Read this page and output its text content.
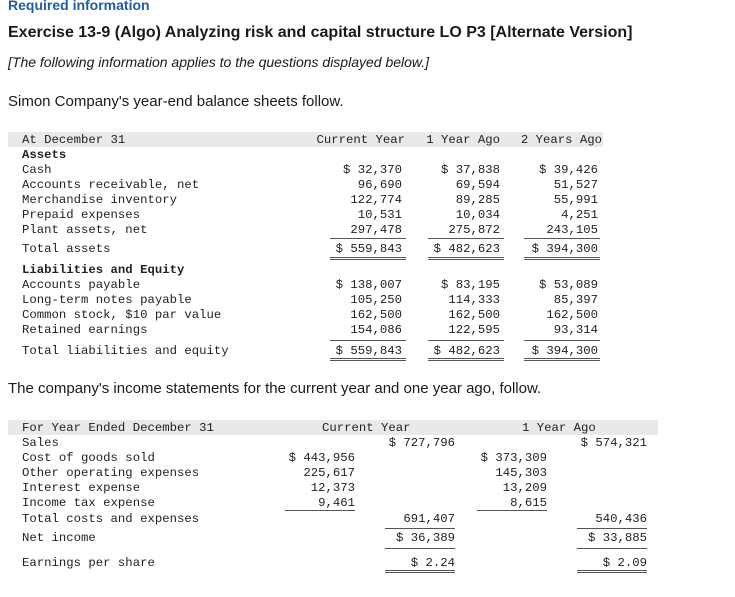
Required information
Exercise 13-9 (Algo) Analyzing risk and capital structure LO P3 [Alternate Version]
[The following information applies to the questions displayed below.]
Simon Company's year-end balance sheets follow.
At December 31	Current Year	1 Year Ago	2 Years Ago
Assets
Cash	$ 32,370	$ 37,838	$ 39,426
Accounts receivable, net	96,690	69,594	51,527
Merchandise inventory	122,774	89,285	55,991
Prepaid expenses	10,531	10,034	4,251
Plant assets, net	297,478	275,872	243,105
Total assets	$ 559,843	$ 482,623	$ 394,300
Liabilities and Equity
Accounts payable	$ 138,007	$ 83,195	$ 53,089
Long-term notes payable	105,250	114,333	85,397
Common stock, $10 par value	162,500	162,500	162,500
Retained earnings	154,086	122,595	93,314
Total liabilities and equity	$ 559,843	$ 482,623	$ 394,300
The company's income statements for the current year and one year ago, follow.
For Year Ended December 31	Current Year	1 Year Ago
Sales	$ 727,796	$ 574,321
Cost of goods sold	$ 443,956	$ 373,309
Other operating expenses	225,617	145,303
Interest expense	12,373	13,209
Income tax expense	9,461	8,615
Total costs and expenses	691,407	540,436
Net income	$ 36,389	$ 33,885
Earnings per share	$ 2.24	$ 2.09
